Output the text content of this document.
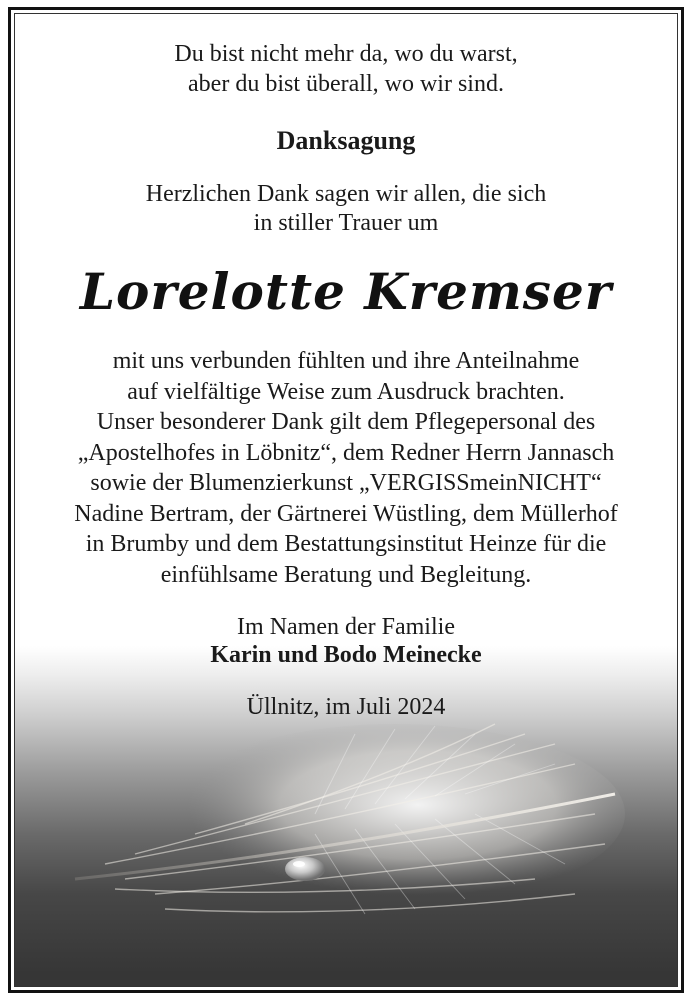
Du bist nicht mehr da, wo du warst,
aber du bist überall, wo wir sind.
Danksagung
Herzlichen Dank sagen wir allen, die sich
in stiller Trauer um
Lorelotte Kremser
mit uns verbunden fühlten und ihre Anteilnahme
auf vielfältige Weise zum Ausdruck brachten.
Unser besonderer Dank gilt dem Pflegepersonal des
„Apostelhofes in Löbnitz“, dem Redner Herrn Jannasch
sowie der Blumenzierkunst „VERGISSmeinNICHT“
Nadine Bertram, der Gärtnerei Wüstling, dem Müllerhof
in Brumby und dem Bestattungsinstitut Heinze für die
einfühlsame Beratung und Begleitung.
Im Namen der Familie
Karin und Bodo Meinecke
Üllnitz, im Juli 2024
